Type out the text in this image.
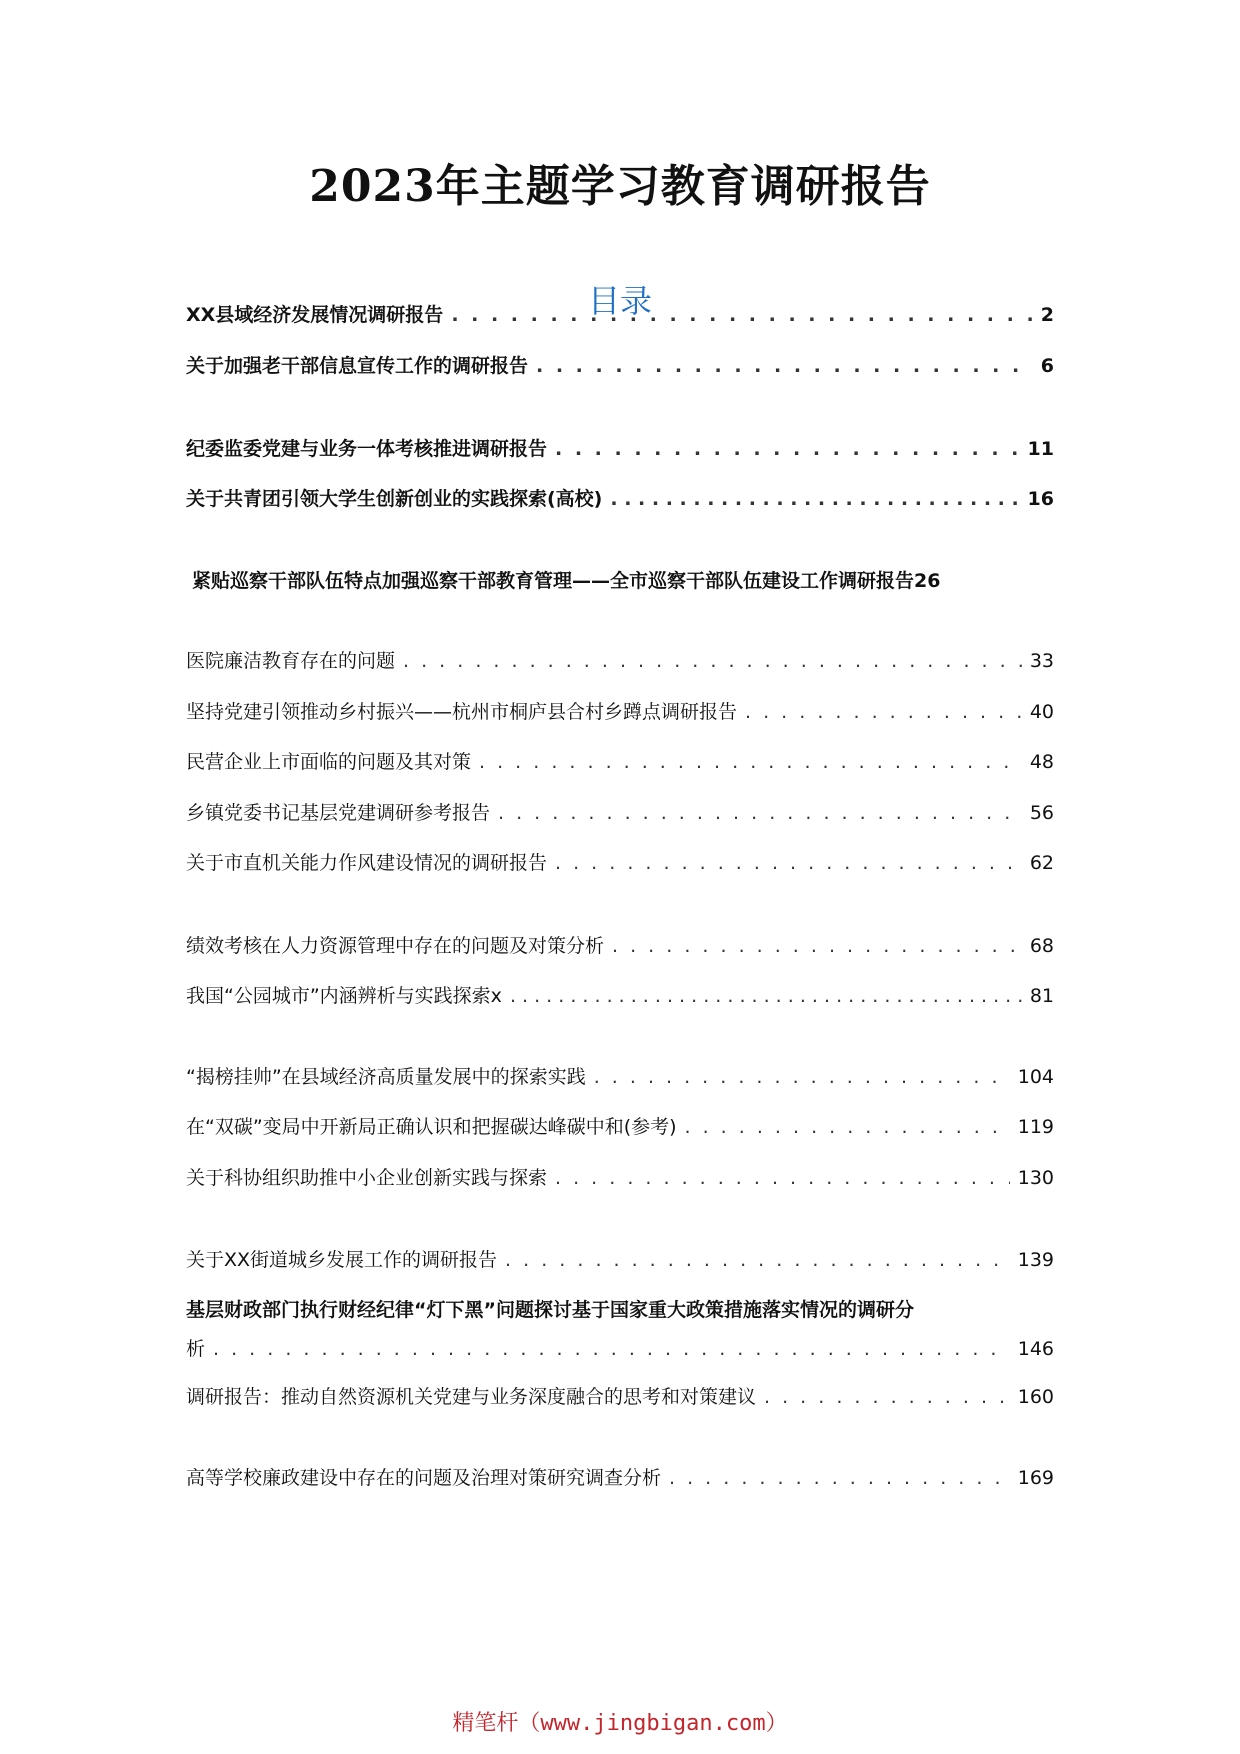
2023年主题学习教育调研报告
目录
XX县域经济发展情况调研报告 . . .	2
关于加强老干部信息宣传工作的调研报告 . . .	6
纪委监委党建与业务一体考核推进调研报告 . . .	11
关于共青团引领大学生创新创业的实践探索(高校) . . .	16
紧贴巡察干部队伍特点加强巡察干部教育管理——全市巡察干部队伍建设工作调研报告 26
医院廉洁教育存在的问题 . . .	33
坚持党建引领推动乡村振兴——杭州市桐庐县合村乡蹲点调研报告 . . .	40
民营企业上市面临的问题及其对策 . . .	48
乡镇党委书记基层党建调研参考报告 . . .	56
关于市直机关能力作风建设情况的调研报告 . . .	62
绩效考核在人力资源管理中存在的问题及对策分析 . . .	68
我国“公园城市”内涵辨析与实践探索x . . .	81
“揭榜挂帅”在县域经济高质量发展中的探索实践 . . .	104
在“双碳”变局中开新局正确认识和把握碳达峰碳中和(参考) . . .	119
关于科协组织助推中小企业创新实践与探索 . . .	130
关于XX街道城乡发展工作的调研报告 . . .	139
基层财政部门执行财经纪律“灯下黑”问题探讨基于国家重大政策措施落实情况的调研分
析 . . .	146
调研报告：推动自然资源机关党建与业务深度融合的思考和对策建议 . . .	160
高等学校廉政建设中存在的问题及治理对策研究调查分析 . . .	169
精笔杆（www.jingbigan.com）
